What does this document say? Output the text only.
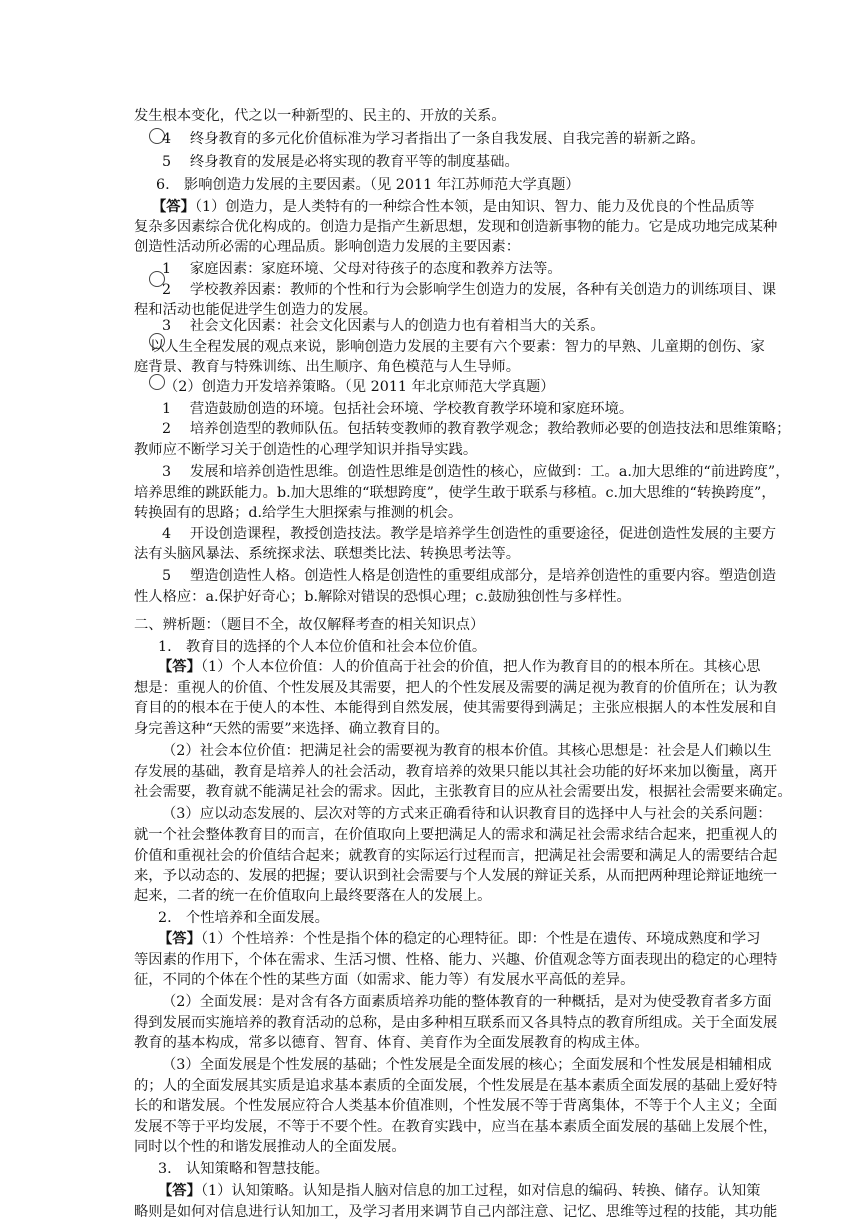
发生根本变化，代之以一种新型的、民主的、开放的关系。
4　 终身教育的多元化价值标准为学习者指出了一条自我发展、自我完善的崭新之路。
5　 终身教育的发展是必将实现的教育平等的制度基础。
6.　影响创造力发展的主要因素。（见 2011 年江苏师范大学真题）
【答】（1）创造力，是人类特有的一种综合性本领，是由知识、智力、能力及优良的个性品质等
复杂多因素综合优化构成的。创造力是指产生新思想，发现和创造新事物的能力。它是成功地完成某种
创造性活动所必需的心理品质。影响创造力发展的主要因素：
1　 家庭因素：家庭环境、父母对待孩子的态度和教养方法等。
2　 学校教养因素：教师的个性和行为会影响学生创造力的发展，各种有关创造力的训练项目、课
程和活动也能促进学生创造力的发展。
3　 社会文化因素：社会文化因素与人的创造力也有着相当大的关系。
以人生全程发展的观点来说，影响创造力发展的主要有六个要素：智力的早熟、儿童期的创伤、家
庭背景、教育与特殊训练、出生顺序、角色模范与人生导师。
（2）创造力开发培养策略。（见 2011 年北京师范大学真题）
1　 营造鼓励创造的环境。包括社会环境、学校教育教学环境和家庭环境。
2　 培养创造型的教师队伍。包括转变教师的教育教学观念；教给教师必要的创造技法和思维策略；
教师应不断学习关于创造性的心理学知识并指导实践。
3　 发展和培养创造性思维。创造性思维是创造性的核心，应做到：工。a.加大思维的“前进跨度”，
培养思维的跳跃能力。b.加大思维的“联想跨度”，使学生敢于联系与移植。c.加大思维的“转换跨度”，
转换固有的思路；d.给学生大胆探索与推测的机会。
4　 开设创造课程，教授创造技法。教学是培养学生创造性的重要途径，促进创造性发展的主要方
法有头脑风暴法、系统探求法、联想类比法、转换思考法等。
5　 塑造创造性人格。创造性人格是创造性的重要组成部分，是培养创造性的重要内容。塑造创造
性人格应：a.保护好奇心；b.解除对错误的恐惧心理；c.鼓励独创性与多样性。
二、辨析题：（题目不全，故仅解释考查的相关知识点）
1.　教育目的选择的个人本位价值和社会本位价值。
【答】（1）个人本位价值：人的价值高于社会的价值，把人作为教育目的的根本所在。其核心思
想是：重视人的价值、个性发展及其需要，把人的个性发展及需要的满足视为教育的价值所在；认为教
育目的的根本在于使人的本性、本能得到自然发展，使其需要得到满足；主张应根据人的本性发展和自
身完善这种“天然的需要”来选择、确立教育目的。
（2）社会本位价值：把满足社会的需要视为教育的根本价值。其核心思想是：社会是人们赖以生
存发展的基础，教育是培养人的社会活动，教育培养的效果只能以其社会功能的好坏来加以衡量，离开
社会需要，教育就不能满足社会的需求。因此，主张教育目的应从社会需要出发，根据社会需要来确定。
（3）应以动态发展的、层次对等的方式来正确看待和认识教育目的选择中人与社会的关系问题：
就一个社会整体教育目的而言，在价值取向上要把满足人的需求和满足社会需求结合起来，把重视人的
价值和重视社会的价值结合起来；就教育的实际运行过程而言，把满足社会需要和满足人的需要结合起
来，予以动态的、发展的把握；要认识到社会需要与个人发展的辩证关系，从而把两种理论辩证地统一
起来，二者的统一在价值取向上最终要落在人的发展上。
2.　个性培养和全面发展。
【答】（1）个性培养：个性是指个体的稳定的心理特征。即：个性是在遗传、环境成熟度和学习
等因素的作用下，个体在需求、生活习惯、性格、能力、兴趣、价值观念等方面表现出的稳定的心理特
征，不同的个体在个性的某些方面（如需求、能力等）有发展水平高低的差异。
（2）全面发展：是对含有各方面素质培养功能的整体教育的一种概括，是对为使受教育者多方面
得到发展而实施培养的教育活动的总称，是由多种相互联系而又各具特点的教育所组成。关于全面发展
教育的基本构成，常多以德育、智育、体育、美育作为全面发展教育的构成主体。
（3）全面发展是个性发展的基础；个性发展是全面发展的核心；全面发展和个性发展是相辅相成
的；人的全面发展其实质是追求基本素质的全面发展，个性发展是在基本素质全面发展的基础上爱好特
长的和谐发展。个性发展应符合人类基本价值准则，个性发展不等于背离集体，不等于个人主义；全面
发展不等于平均发展，不等于不要个性。在教育实践中，应当在基本素质全面发展的基础上发展个性，
同时以个性的和谐发展推动人的全面发展。
3.　认知策略和智慧技能。
【答】（1）认知策略。认知是指人脑对信息的加工过程，如对信息的编码、转换、储存。认知策
略则是如何对信息进行认知加工，及学习者用来调节自己内部注意、记忆、思维等过程的技能，其功能
